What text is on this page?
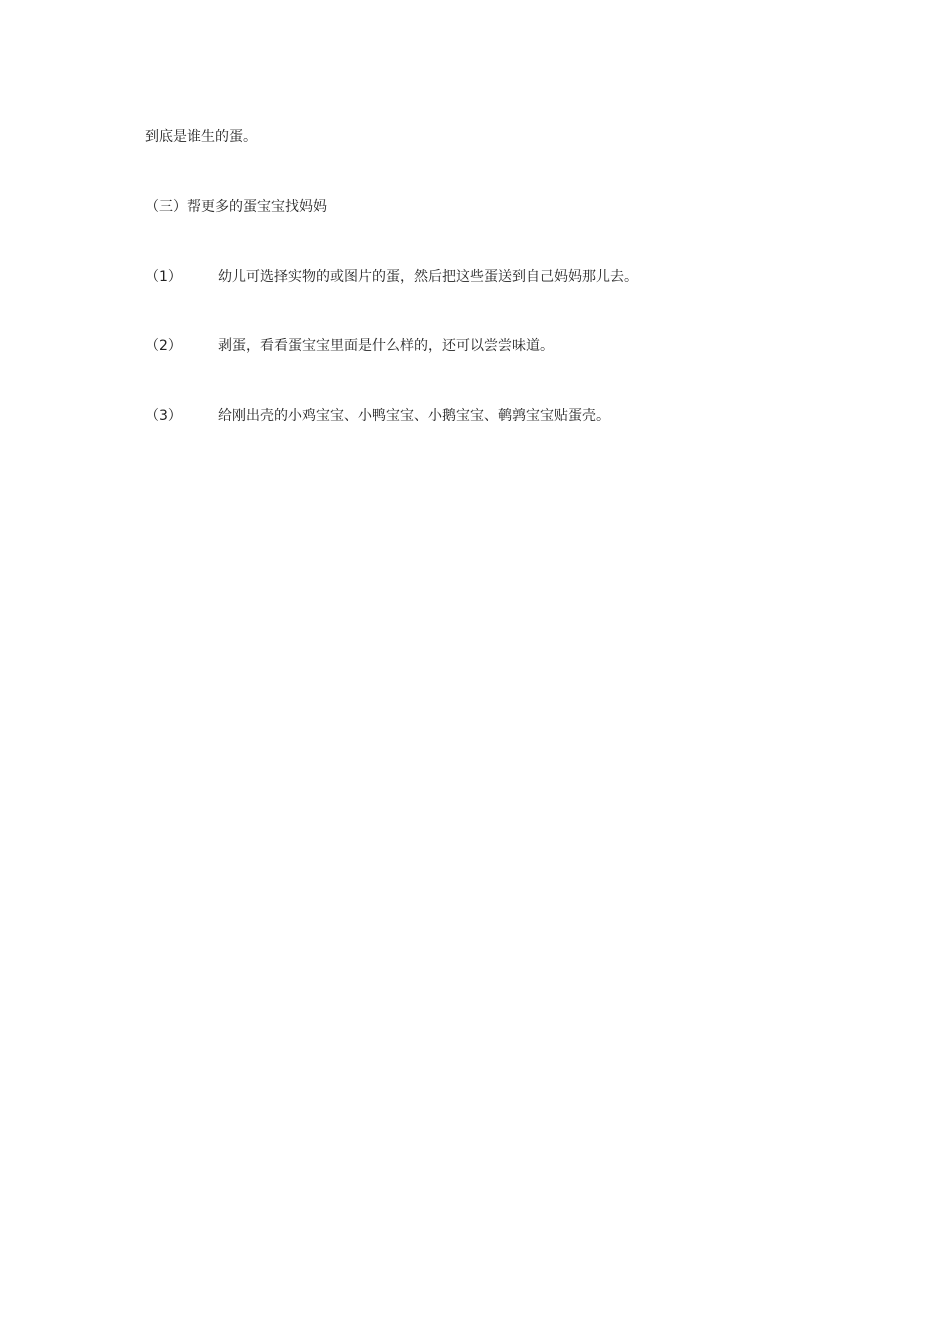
到底是谁生的蛋。
（三）帮更多的蛋宝宝找妈妈
（1）	幼儿可选择实物的或图片的蛋，然后把这些蛋送到自己妈妈那儿去。
（2）	剥蛋，看看蛋宝宝里面是什么样的，还可以尝尝味道。
（3）	给刚出壳的小鸡宝宝、小鸭宝宝、小鹅宝宝、鹌鹑宝宝贴蛋壳。
